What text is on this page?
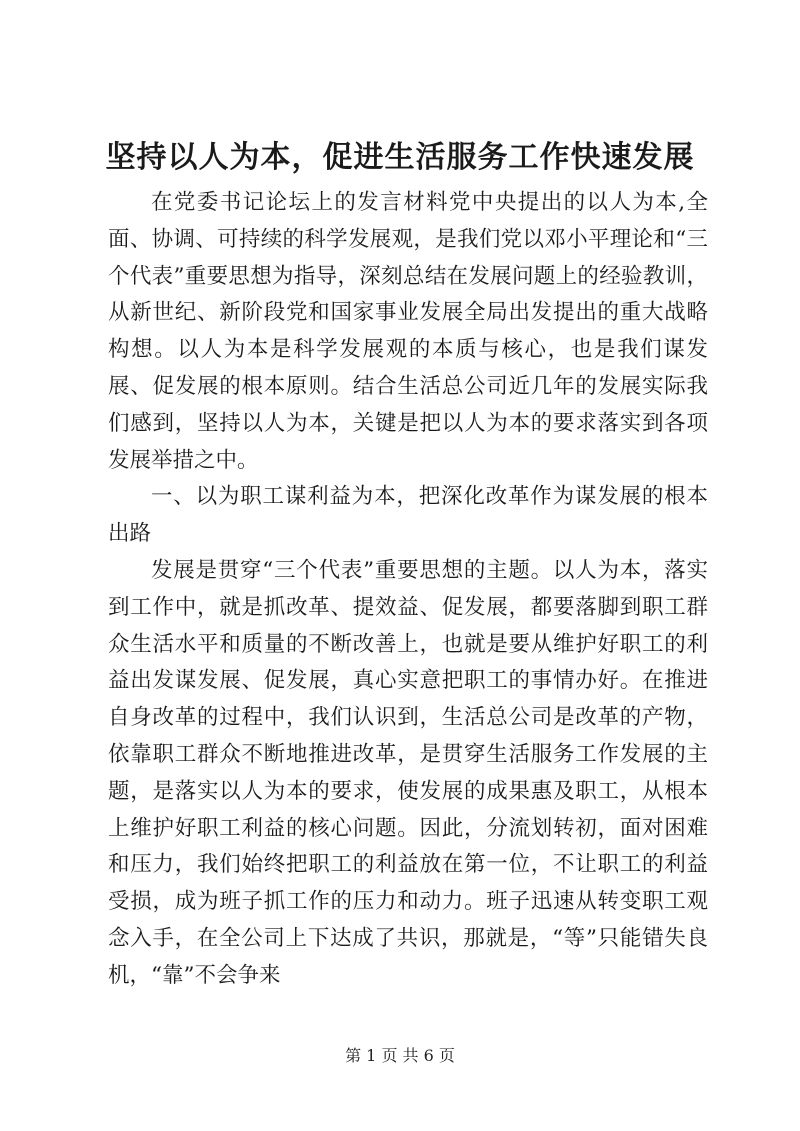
坚持以人为本，促进生活服务工作快速发展

在党委书记论坛上的发言材料党中央提出的以人为本,全面、协调、可持续的科学发展观，是我们党以邓小平理论和“三个代表”重要思想为指导，深刻总结在发展问题上的经验教训，从新世纪、新阶段党和国家事业发展全局出发提出的重大战略构想。以人为本是科学发展观的本质与核心，也是我们谋发展、促发展的根本原则。结合生活总公司近几年的发展实际我们感到，坚持以人为本，关键是把以人为本的要求落实到各项发展举措之中。

一、以为职工谋利益为本，把深化改革作为谋发展的根本出路

发展是贯穿“三个代表”重要思想的主题。以人为本，落实到工作中，就是抓改革、提效益、促发展，都要落脚到职工群众生活水平和质量的不断改善上，也就是要从维护好职工的利益出发谋发展、促发展，真心实意把职工的事情办好。在推进自身改革的过程中，我们认识到，生活总公司是改革的产物，依靠职工群众不断地推进改革，是贯穿生活服务工作发展的主题，是落实以人为本的要求，使发展的成果惠及职工，从根本上维护好职工利益的核心问题。因此，分流划转初，面对困难和压力，我们始终把职工的利益放在第一位，不让职工的利益受损，成为班子抓工作的压力和动力。班子迅速从转变职工观念入手，在全公司上下达成了共识，那就是，“等”只能错失良机，“靠”不会争来

第 1 页 共 6 页
